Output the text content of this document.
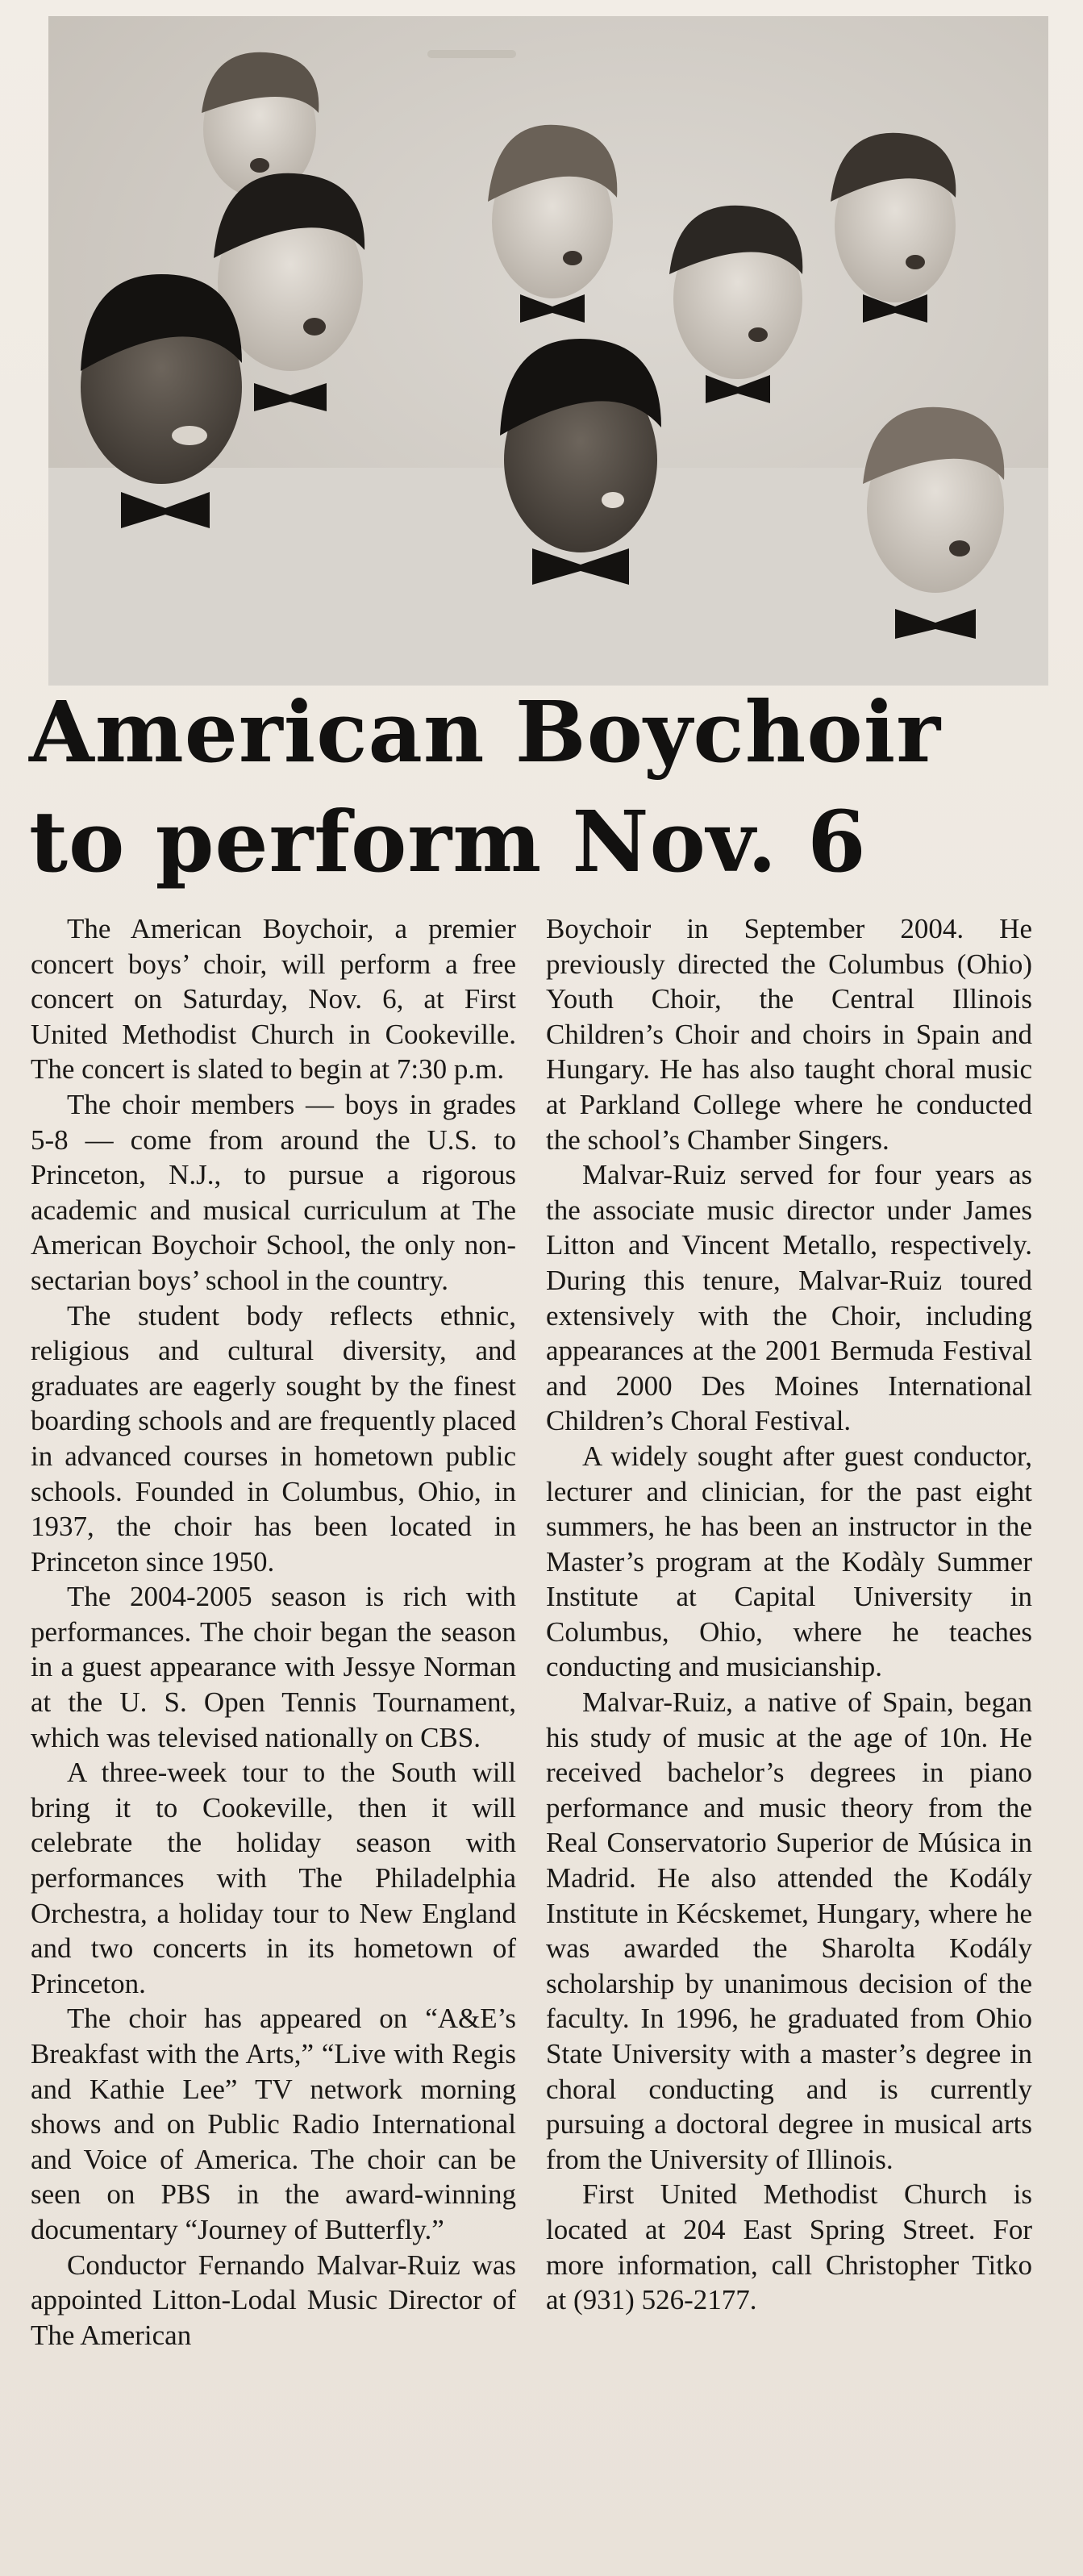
American Boychoir
to perform Nov. 6

The American Boychoir, a premier concert boys’ choir, will perform a free concert on Saturday, Nov. 6, at First United Methodist Church in Cookeville. The concert is slated to begin at 7:30 p.m.

The choir members — boys in grades 5-8 — come from around the U.S. to Princeton, N.J., to pursue a rigorous academic and musical curriculum at The American Boychoir School, the only non-sectarian boys’ school in the country.

The student body reflects ethnic, religious and cultural diversity, and graduates are eagerly sought by the finest boarding schools and are frequently placed in advanced courses in hometown public schools. Founded in Columbus, Ohio, in 1937, the choir has been located in Princeton since 1950.

The 2004-2005 season is rich with performances. The choir began the season in a guest appearance with Jessye Norman at the U. S. Open Tennis Tournament, which was televised nationally on CBS.

A three-week tour to the South will bring it to Cookeville, then it will celebrate the holiday season with performances with The Philadelphia Orchestra, a holiday tour to New England and two concerts in its hometown of Princeton.

The choir has appeared on “A&E’s Breakfast with the Arts,” “Live with Regis and Kathie Lee” TV network morning shows and on Public Radio International and Voice of America. The choir can be seen on PBS in the award-winning documentary “Journey of Butterfly.”

Conductor Fernando Malvar-Ruiz was appointed Litton-Lodal Music Director of The American

Boychoir in September 2004. He previously directed the Columbus (Ohio) Youth Choir, the Central Illinois Children’s Choir and choirs in Spain and Hungary. He has also taught choral music at Parkland College where he conducted the school’s Chamber Singers.

Malvar-Ruiz served for four years as the associate music director under James Litton and Vincent Metallo, respectively. During this tenure, Malvar-Ruiz toured extensively with the Choir, including appearances at the 2001 Bermuda Festival and 2000 Des Moines International Children’s Choral Festival.

A widely sought after guest conductor, lecturer and clinician, for the past eight summers, he has been an instructor in the Master’s program at the Kodàly Summer Institute at Capital University in Columbus, Ohio, where he teaches conducting and musicianship.

Malvar-Ruiz, a native of Spain, began his study of music at the age of 10n. He received bachelor’s degrees in piano performance and music theory from the Real Conservatorio Superior de Música in Madrid. He also attended the Kodály Institute in Kécskemet, Hungary, where he was awarded the Sharolta Kodály scholarship by unanimous decision of the faculty. In 1996, he graduated from Ohio State University with a master’s degree in choral conducting and is currently pursuing a doctoral degree in musical arts from the University of Illinois.

First United Methodist Church is located at 204 East Spring Street. For more information, call Christopher Titko at (931) 526-2177.
